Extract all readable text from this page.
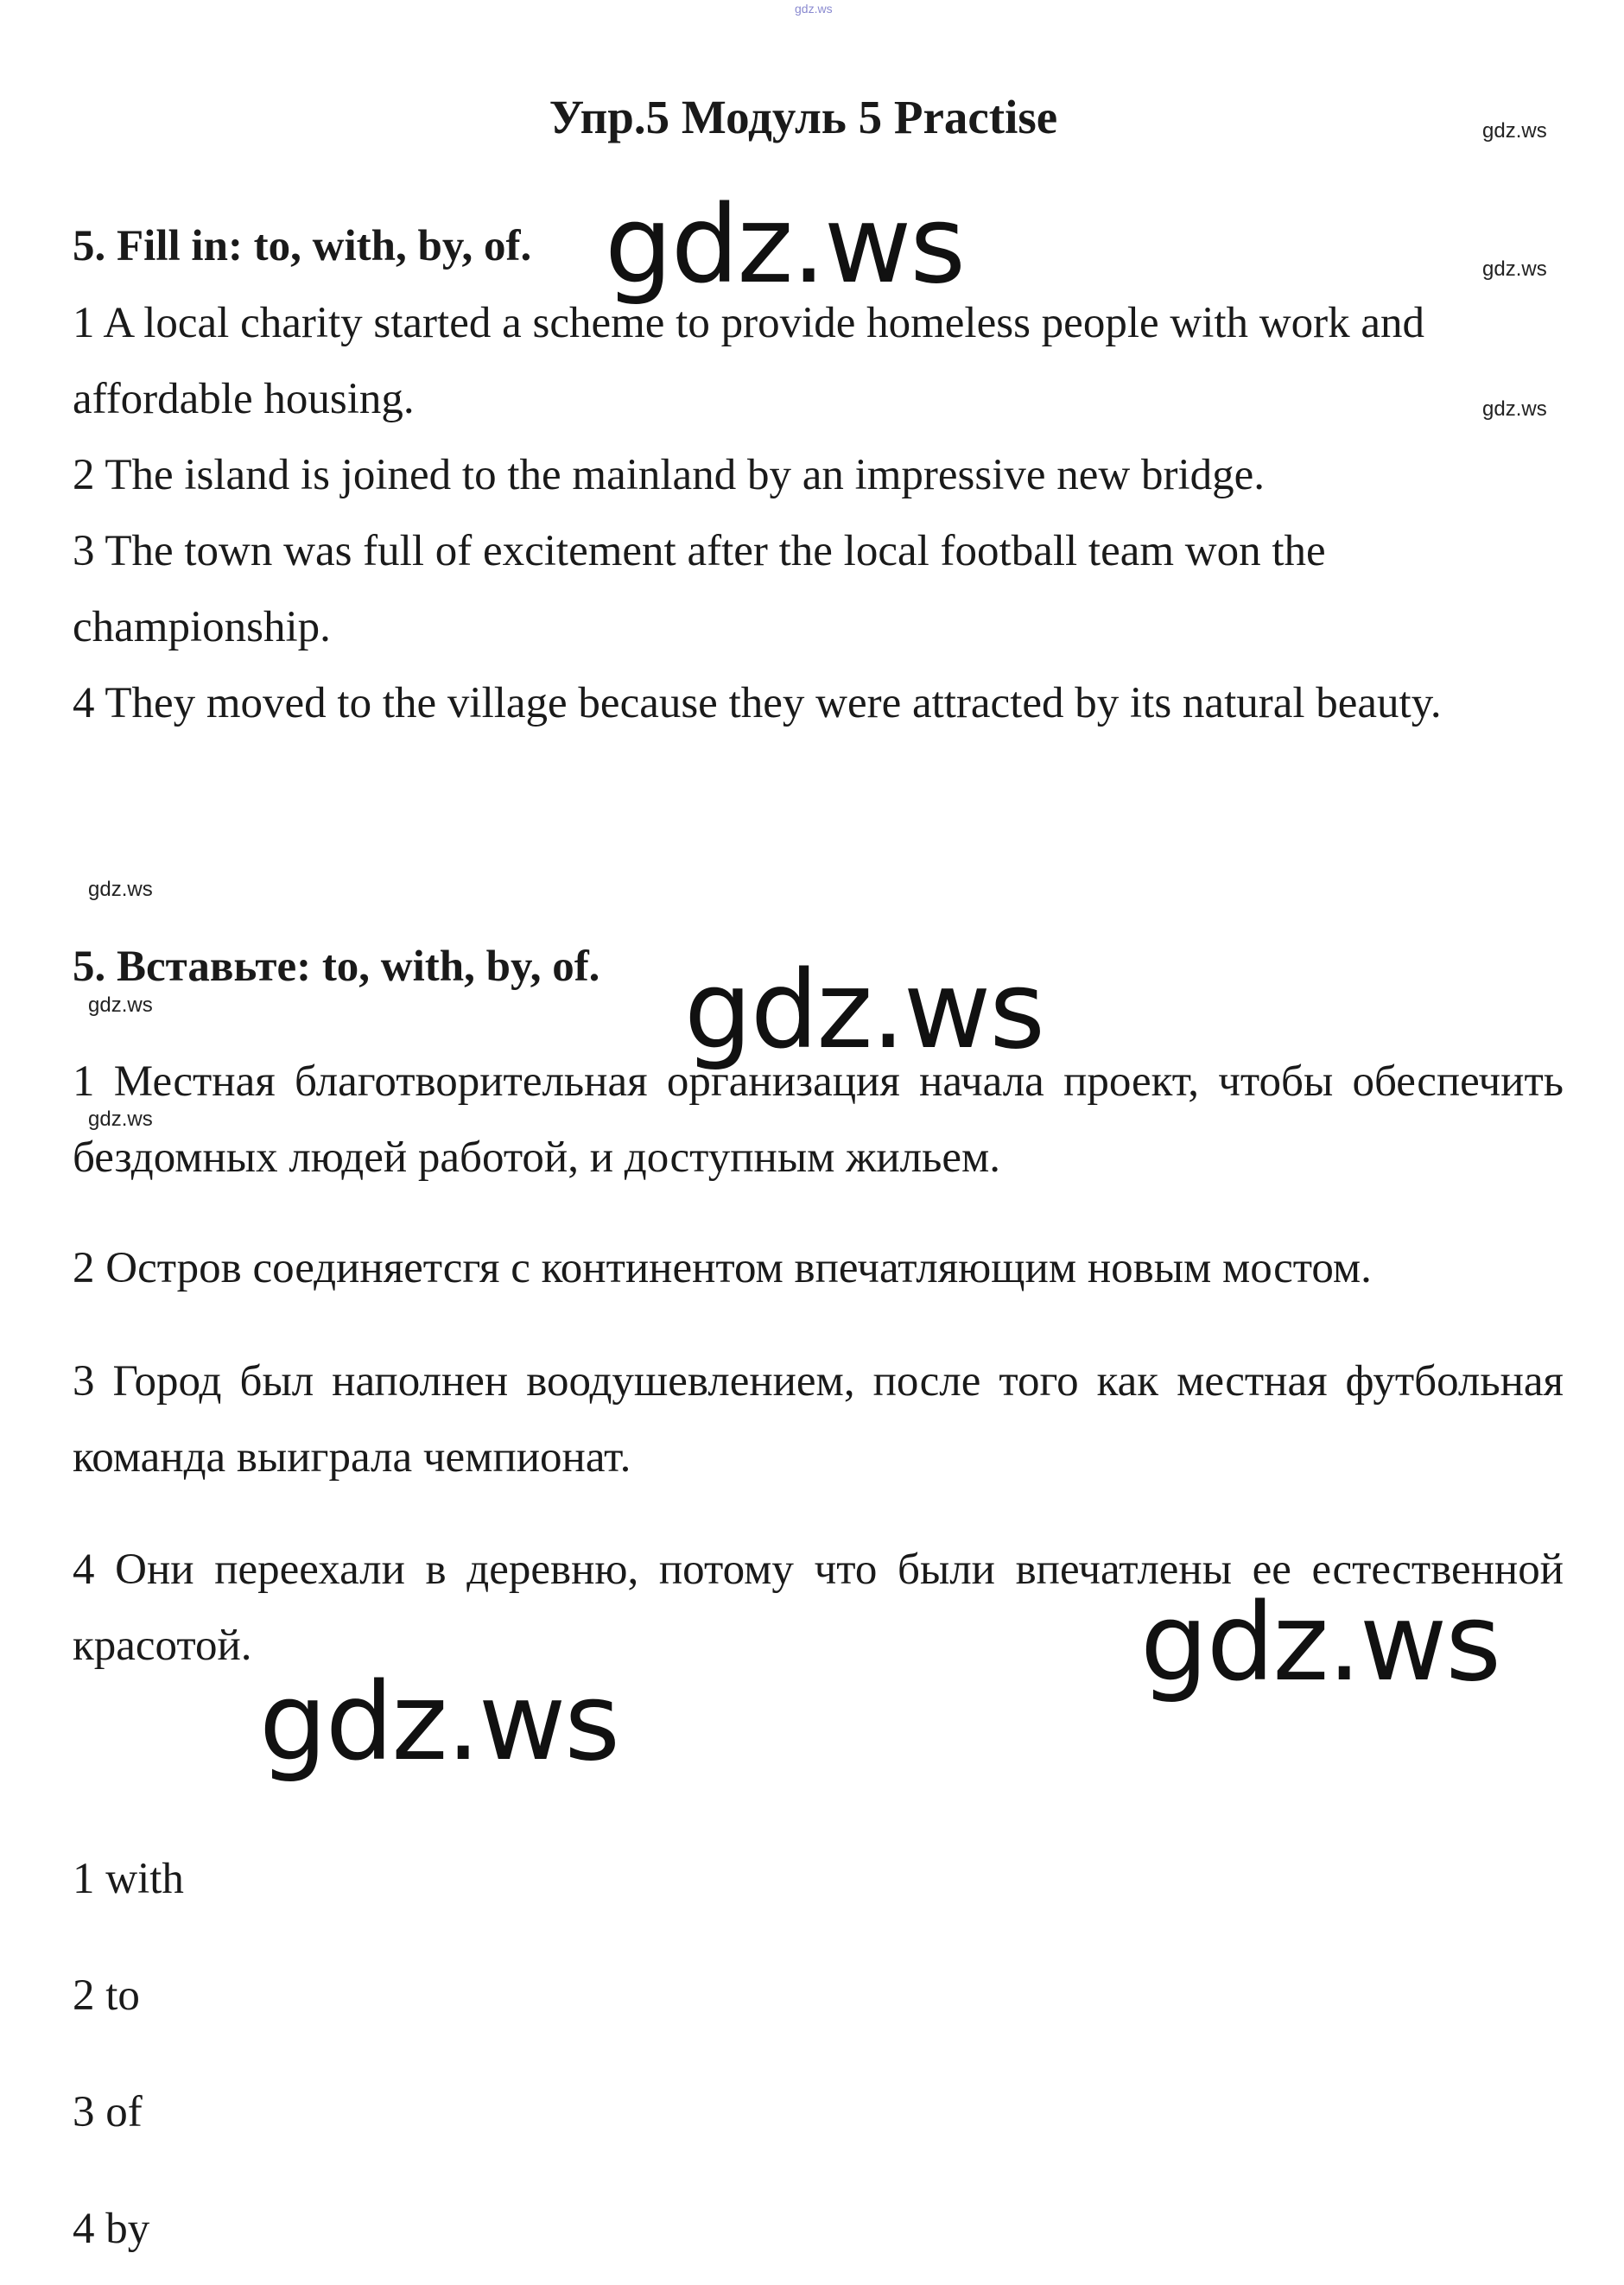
gdz.ws
Упр.5 Модуль 5 Practise	gdz.ws
gdz.ws
gdz.ws
5. Fill in: to, with, by, of. gdz.ws
1 A local charity started a scheme to provide homeless people with work and affordable housing.
2 The island is joined to the mainland by an impressive new bridge.
3 The town was full of excitement after the local football team won the championship.
4 They moved to the village because they were attracted by its natural beauty.
gdz.ws
5. Вставьте: to, with, by, of.
gdz.ws	gdz.ws
1 Местная благотворительная организация начала проект, чтобы обеспечить бездомных людей работой, и доступным жильем.
gdz.ws
2 Остров соединяетсгя с континентом впечатляющим новым мостом.
3 Город был наполнен воодушевлением, после того как местная футбольная команда выиграла чемпионат.
4 Они переехали в деревню, потому что были впечатлены ее естественной красотой.	gdz.ws
gdz.ws
1 with
2 to
3 of
4 by
